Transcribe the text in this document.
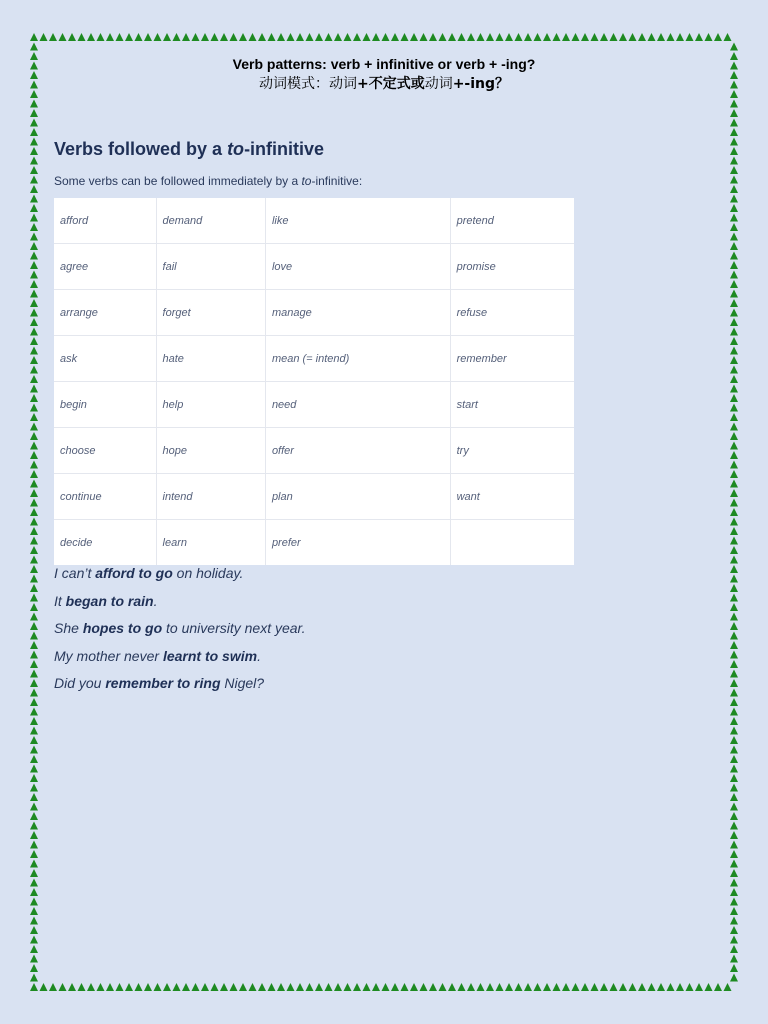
Verb patterns: verb + infinitive or verb + -ing?
动词模式：动词+不定式或动词+-ing？
Verbs followed by a to-infinitive
Some verbs can be followed immediately by a to-infinitive:
afford	demand	like	pretend
agree	fail	love	promise
arrange	forget	manage	refuse
ask	hate	mean (= intend)	remember
begin	help	need	start
choose	hope	offer	try
continue	intend	plan	want
decide	learn	prefer	
I can’t afford to go on holiday.
It began to rain.
She hopes to go to university next year.
My mother never learnt to swim.
Did you remember to ring Nigel?
